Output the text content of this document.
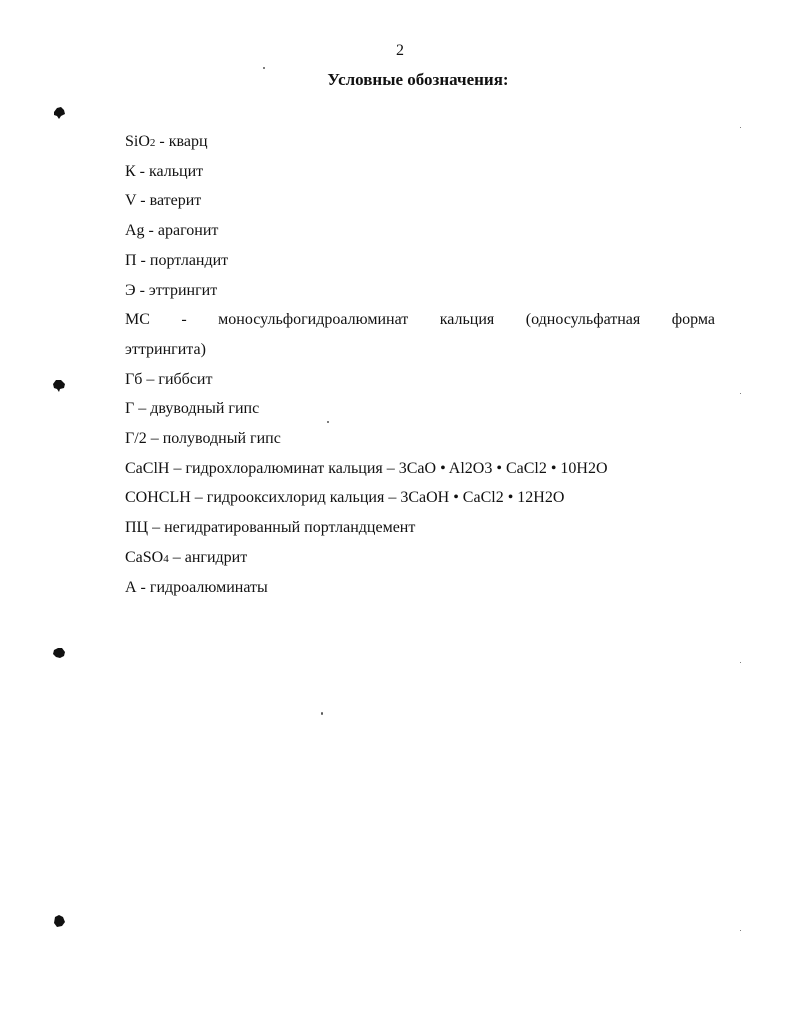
2
Условные обозначения:
SiO2 - кварц
К - кальцит
V - ватерит
Ag - арагонит
П - портландит
Э - эттрингит
МС - моносульфогидроалюминат кальция (односульфатная форма
эттрингита)
Гб – гиббсит
Г – двуводный гипс
Г/2 – полуводный гипс
CaClH – гидрохлоралюминат кальция – 3CaO • Al2O3 • CaCl2 • 10H2O
COHCLH – гидрооксихлорид кальция – 3CaOH • CaCl2 • 12H2O
ПЦ – негидратированный портландцемент
CaSO4 – ангидрит
А - гидроалюминаты
